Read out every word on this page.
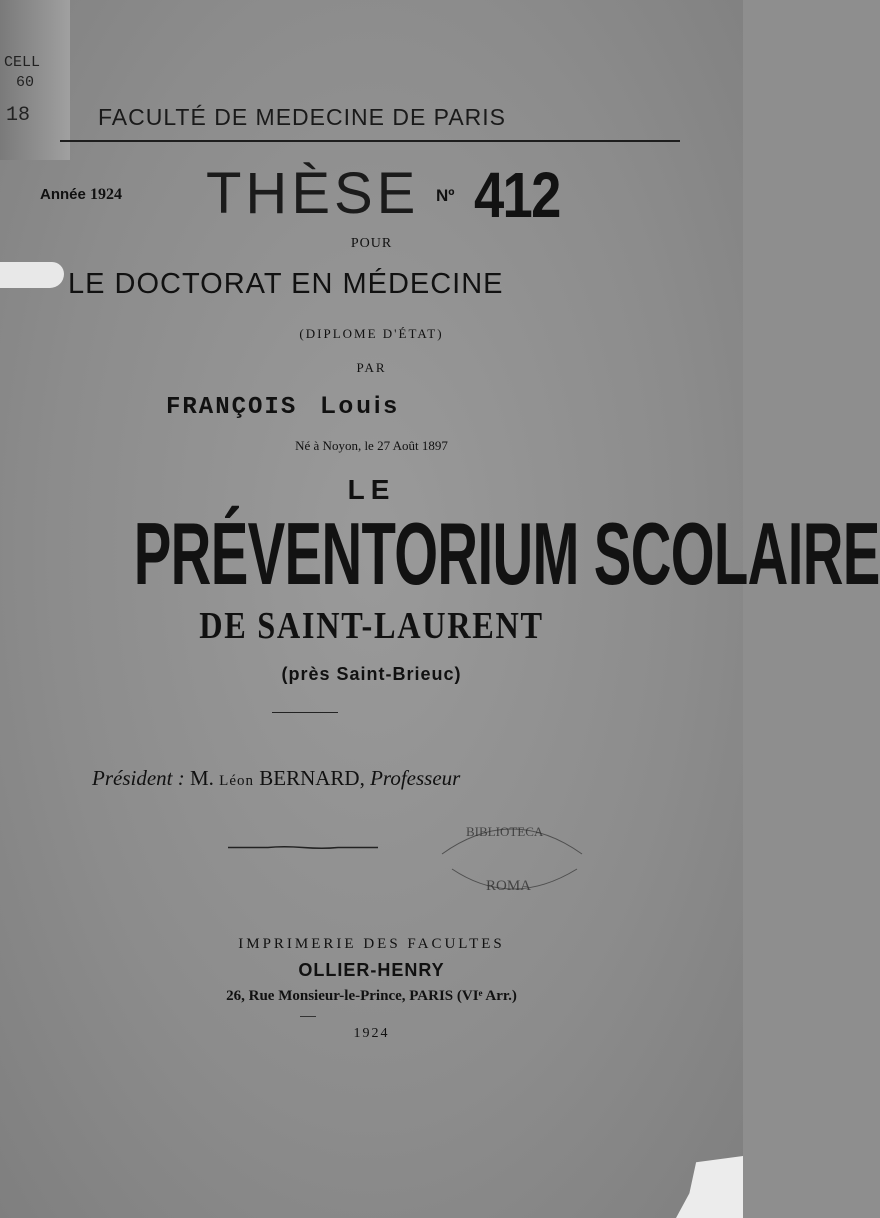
CELL
60
18	FACULTÉ DE MEDECINE DE PARIS
Année 1924 THÈSE Nº 412
POUR
LE DOCTORAT EN MÉDECINE
(DIPLOME D'ÉTAT)
PAR
FRANÇOIS Louis
Né à Noyon, le 27 Août 1897
LE
PRÉVENTORIUM SCOLAIRE
DE SAINT-LAURENT
(près Saint-Brieuc)
Président : M. Léon BERNARD, Professeur
BIBLIOTECA
ROMA
IMPRIMERIE DES FACULTES
OLLIER-HENRY
26, Rue Monsieur-le-Prince, PARIS (VIᵉ Arr.)
1924
